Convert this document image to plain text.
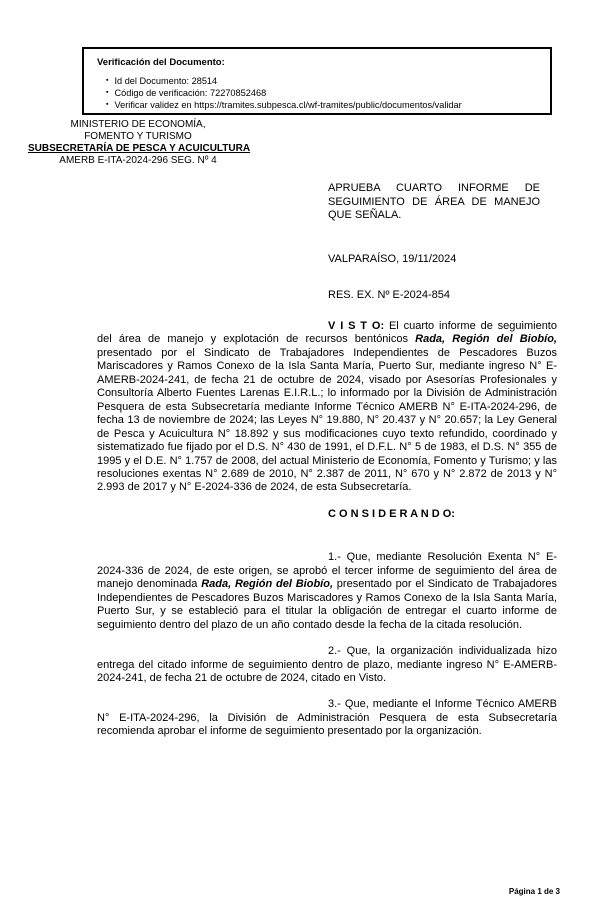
Verificación del Documento:
▪ Id del Documento: 28514
▪ Código de verificación: 72270852468
▪ Verificar validez en https://tramites.subpesca.cl/wf-tramites/public/documentos/validar
MINISTERIO DE ECONOMÍA,
FOMENTO Y TURISMO
SUBSECRETARÍA DE PESCA Y ACUICULTURA
AMERB E-ITA-2024-296 SEG. Nº 4
APRUEBA CUARTO INFORME DE SEGUIMIENTO DE ÁREA DE MANEJO QUE SEÑALA.
VALPARAÍSO, 19/11/2024
RES. EX. Nº E-2024-854

V I S T O: El cuarto informe de seguimiento del área de manejo y explotación de recursos bentónicos Rada, Región del Biobío, presentado por el Sindicato de Trabajadores Independientes de Pescadores Buzos Mariscadores y Ramos Conexo de la Isla Santa María, Puerto Sur, mediante ingreso N° E-AMERB-2024-241, de fecha 21 de octubre de 2024, visado por Asesorías Profesionales y Consultoría Alberto Fuentes Larenas E.I.R.L.; lo informado por la División de Administración Pesquera de esta Subsecretaría mediante Informe Técnico AMERB N° E-ITA-2024-296, de fecha 13 de noviembre de 2024; las Leyes N° 19.880, N° 20.437 y N° 20.657; la Ley General de Pesca y Acuicultura N° 18.892 y sus modificaciones cuyo texto refundido, coordinado y sistematizado fue fijado por el D.S. N° 430 de 1991, el D.F.L. N° 5 de 1983, el D.S. N° 355 de 1995 y el D.E. N° 1.757 de 2008, del actual Ministerio de Economía, Fomento y Turismo; y las resoluciones exentas N° 2.689 de 2010, N° 2.387 de 2011, N° 670 y N° 2.872 de 2013 y N° 2.993 de 2017 y N° E-2024-336 de 2024, de esta Subsecretaría.

C O N S I D E R A N D O:

1.- Que, mediante Resolución Exenta N° E-2024-336 de 2024, de este origen, se aprobó el tercer informe de seguimiento del área de manejo denominada Rada, Región del Biobío, presentado por el Sindicato de Trabajadores Independientes de Pescadores Buzos Mariscadores y Ramos Conexo de la Isla Santa María, Puerto Sur, y se estableció para el titular la obligación de entregar el cuarto informe de seguimiento dentro del plazo de un año contado desde la fecha de la citada resolución.

2.- Que, la organización individualizada hizo entrega del citado informe de seguimiento dentro de plazo, mediante ingreso N° E-AMERB-2024-241, de fecha 21 de octubre de 2024, citado en Visto.

3.- Que, mediante el Informe Técnico AMERB N° E-ITA-2024-296, la División de Administración Pesquera de esta Subsecretaría recomienda aprobar el informe de seguimiento presentado por la organización.

Página 1 de 3
